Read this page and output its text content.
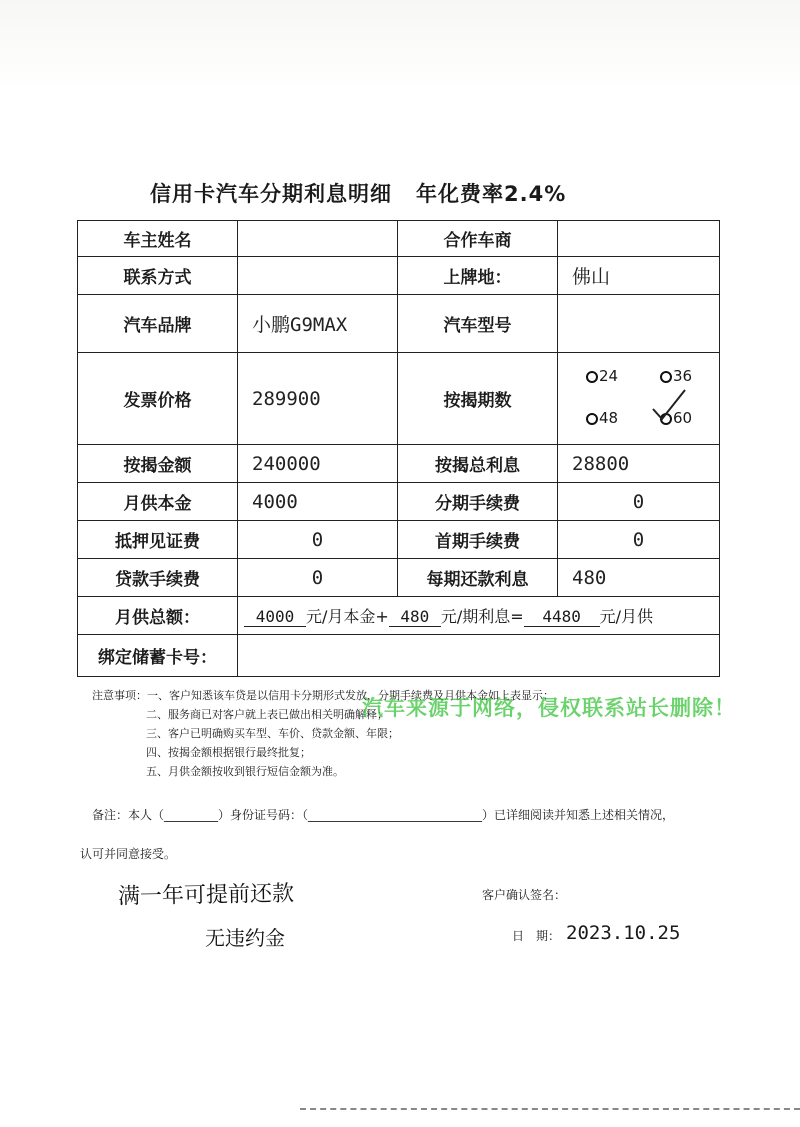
信用卡汽车分期利息明细 年化费率2.4%
车主姓名		合作车商	
联系方式		上牌地：	佛山
汽车品牌	小鹏G9MAX	汽车型号	
发票价格	289900	按揭期数	24 36
48 60

按揭金额	240000	按揭总利息	28800
月供本金	4000	分期手续费	0
抵押见证费	0	首期手续费	0
贷款手续费	0	每期还款利息	480
月供总额：	4000 元/月本金+ 480 元/期利息= 4480 元/月供		
绑定储蓄卡号：			
注意事项：一、客户知悉该车贷是以信用卡分期形式发放，分期手续费及月供本金如上表显示；
二、服务商已对客户就上表已做出相关明确解释；
三、客户已明确购买车型、车价、贷款金额、年限；
四、按揭金额根据银行最终批复；
五、月供金额按收到银行短信金额为准。
汽车来源于网络，侵权联系站长删除！
备注：本人（_________）身份证号码：（_____________________________）已详细阅读并知悉上述相关情况，
认可并同意接受。
满一年可提前还款
无违约金
客户确认签名：
日　期： 2023.10.25
